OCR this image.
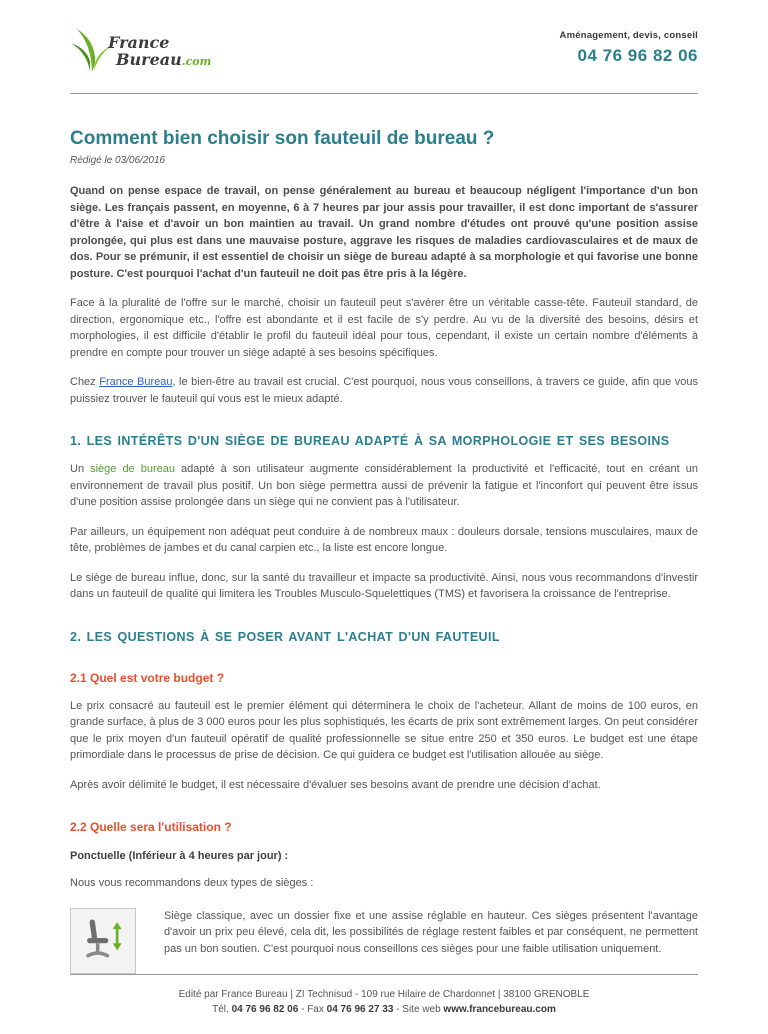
France
Bureau.com
Aménagement, devis, conseil
04 76 96 82 06
Comment bien choisir son fauteuil de bureau ?
Rédigé le 03/06/2016

Quand on pense espace de travail, on pense généralement au bureau et beaucoup négligent l'importance d'un bon siège. Les français passent, en moyenne, 6 à 7 heures par jour assis pour travailler, il est donc important de s'assurer d'être à l'aise et d'avoir un bon maintien au travail. Un grand nombre d'études ont prouvé qu'une position assise prolongée, qui plus est dans une mauvaise posture, aggrave les risques de maladies cardiovasculaires et de maux de dos. Pour se prémunir, il est essentiel de choisir un siège de bureau adapté à sa morphologie et qui favorise une bonne posture. C'est pourquoi l'achat d'un fauteuil ne doit pas être pris à la légère.

Face à la pluralité de l'offre sur le marché, choisir un fauteuil peut s'avérer être un véritable casse-tête. Fauteuil standard, de direction, ergonomique etc., l'offre est abondante et il est facile de s'y perdre. Au vu de la diversité des besoins, désirs et morphologies, il est difficile d'établir le profil du fauteuil idéal pour tous, cependant, il existe un certain nombre d'éléments à prendre en compte pour trouver un siège adapté à ses besoins spécifiques.

Chez France Bureau, le bien-être au travail est crucial. C'est pourquoi, nous vous conseillons, à travers ce guide, afin que vous puissiez trouver le fauteuil qui vous est le mieux adapté.

1. LES INTÉRÊTS D'UN SIÈGE DE BUREAU ADAPTÉ À SA MORPHOLOGIE ET SES BESOINS

Un siège de bureau adapté à son utilisateur augmente considérablement la productivité et l'efficacité, tout en créant un environnement de travail plus positif. Un bon siège permettra aussi de prévenir la fatigue et l'inconfort qui peuvent être issus d'une position assise prolongée dans un siège qui ne convient pas à l'utilisateur.

Par ailleurs, un équipement non adéquat peut conduire à de nombreux maux : douleurs dorsale, tensions musculaires, maux de tête, problèmes de jambes et du canal carpien etc., la liste est encore longue.

Le siège de bureau influe, donc, sur la santé du travailleur et impacte sa productivité. Ainsi, nous vous recommandons d'investir dans un fauteuil de qualité qui limitera les Troubles Musculo-Squelettiques (TMS) et favorisera la croissance de l'entreprise.

2. LES QUESTIONS À SE POSER AVANT L'ACHAT D'UN FAUTEUIL
2.1 Quel est votre budget ?

Le prix consacré au fauteuil est le premier élément qui déterminera le choix de l'acheteur. Allant de moins de 100 euros, en grande surface, à plus de 3 000 euros pour les plus sophistiqués, les écarts de prix sont extrêmement larges. On peut considérer que le prix moyen d'un fauteuil opératif de qualité professionnelle se situe entre 250 et 350 euros. Le budget est une étape primordiale dans le processus de prise de décision. Ce qui guidera ce budget est l'utilisation allouée au siège.

Après avoir délimité le budget, il est nécessaire d'évaluer ses besoins avant de prendre une décision d'achat.

2.2 Quelle sera l'utilisation ?

Ponctuelle (Inférieur à 4 heures par jour) :

Nous vous recommandons deux types de sièges :

Siège classique, avec un dossier fixe et une assise réglable en hauteur. Ces sièges présentent l'avantage d'avoir un prix peu élevé, cela dit, les possibilités de réglage restent faibles et par conséquent, ne permettent pas un bon soutien. C'est pourquoi nous conseillons ces sièges pour une faible utilisation uniquement.
Edité par France Bureau | ZI Technisud - 109 rue Hilaire de Chardonnet | 38100 GRENOBLE
Tél. 04 76 96 82 06 - Fax 04 76 96 27 33 - Site web www.francebureau.com
